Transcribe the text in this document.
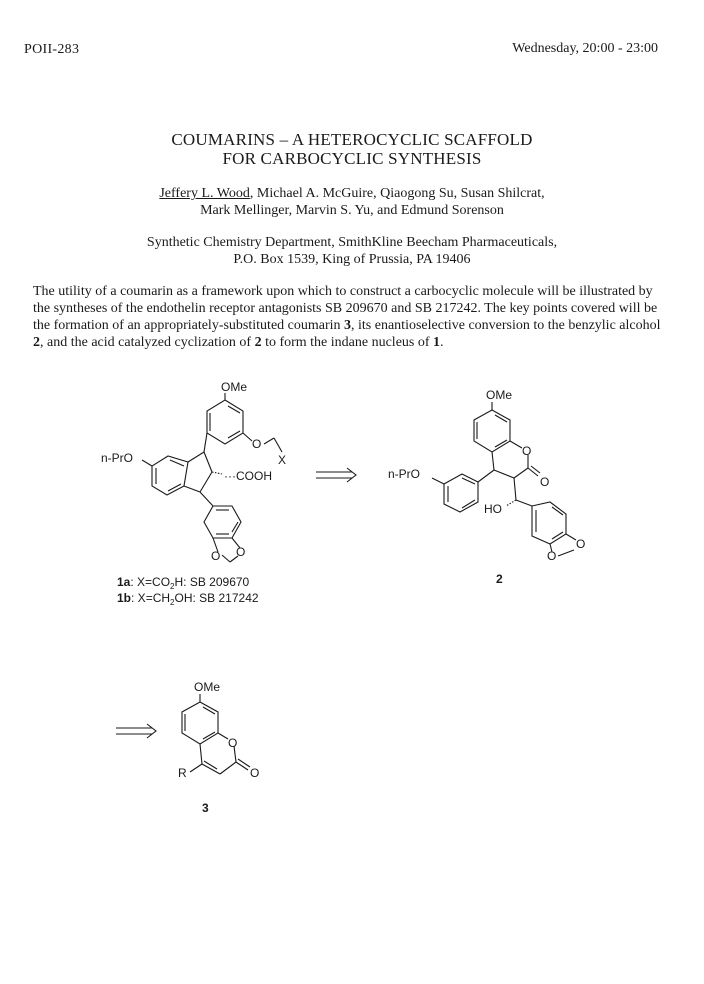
POII-283	Wednesday, 20:00 - 23:00
COUMARINS – A HETEROCYCLIC SCAFFOLD
FOR CARBOCYCLIC SYNTHESIS
Jeffery L. Wood, Michael A. McGuire, Qiaogong Su, Susan Shilcrat,
Mark Mellinger, Marvin S. Yu, and Edmund Sorenson
Synthetic Chemistry Department, SmithKline Beecham Pharmaceuticals,
P.O. Box 1539, King of Prussia, PA 19406
The utility of a coumarin as a framework upon which to construct a carbocyclic molecule will be illustrated by the syntheses of the endothelin receptor antagonists SB 209670 and SB 217242. The key points covered will be the formation of an appropriately-substituted coumarin 3, its enantioselective conversion to the benzylic alcohol 2, and the acid catalyzed cyclization of 2 to form the indane nucleus of 1.
OMe
n-PrO
···COOH
O
X
O O
1a: $X=CO_2H$: SB 209670
1b: $X=CH_2OH$: SB 217242
OMe
n-PrO
O
O
HO
O
O
2
OMe
O
O
R
3
